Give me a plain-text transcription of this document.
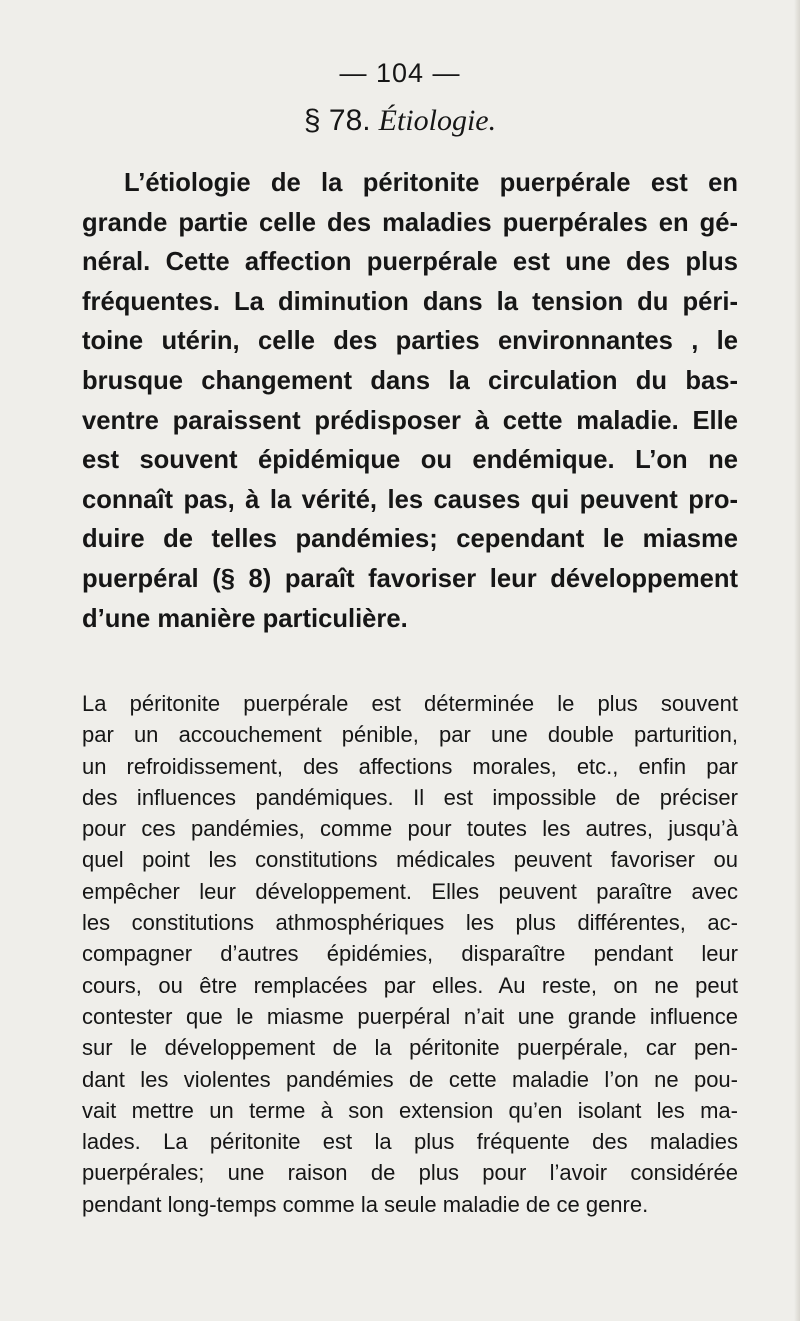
— 104 —
§ 78. Étiologie.
L’étiologie de la péritonite puerpérale est en
grande partie celle des maladies puerpérales en gé-
néral. Cette affection puerpérale est une des plus
fréquentes. La diminution dans la tension du péri-
toine utérin, celle des parties environnantes , le
brusque changement dans la circulation du bas-
ventre paraissent prédisposer à cette maladie. Elle
est souvent épidémique ou endémique. L’on ne
connaît pas, à la vérité, les causes qui peuvent pro-
duire de telles pandémies; cependant le miasme
puerpéral (§ 8) paraît favoriser leur développement
d’une manière particulière.
La péritonite puerpérale est déterminée le plus souvent
par un accouchement pénible, par une double parturition,
un refroidissement, des affections morales, etc., enfin par
des influences pandémiques. Il est impossible de préciser
pour ces pandémies, comme pour toutes les autres, jusqu’à
quel point les constitutions médicales peuvent favoriser ou
empêcher leur développement. Elles peuvent paraître avec
les constitutions athmosphériques les plus différentes, ac-
compagner d’autres épidémies, disparaître pendant leur
cours, ou être remplacées par elles. Au reste, on ne peut
contester que le miasme puerpéral n’ait une grande influence
sur le développement de la péritonite puerpérale, car pen-
dant les violentes pandémies de cette maladie l’on ne pou-
vait mettre un terme à son extension qu’en isolant les ma-
lades. La péritonite est la plus fréquente des maladies
puerpérales; une raison de plus pour l’avoir considérée
pendant long-temps comme la seule maladie de ce genre.
